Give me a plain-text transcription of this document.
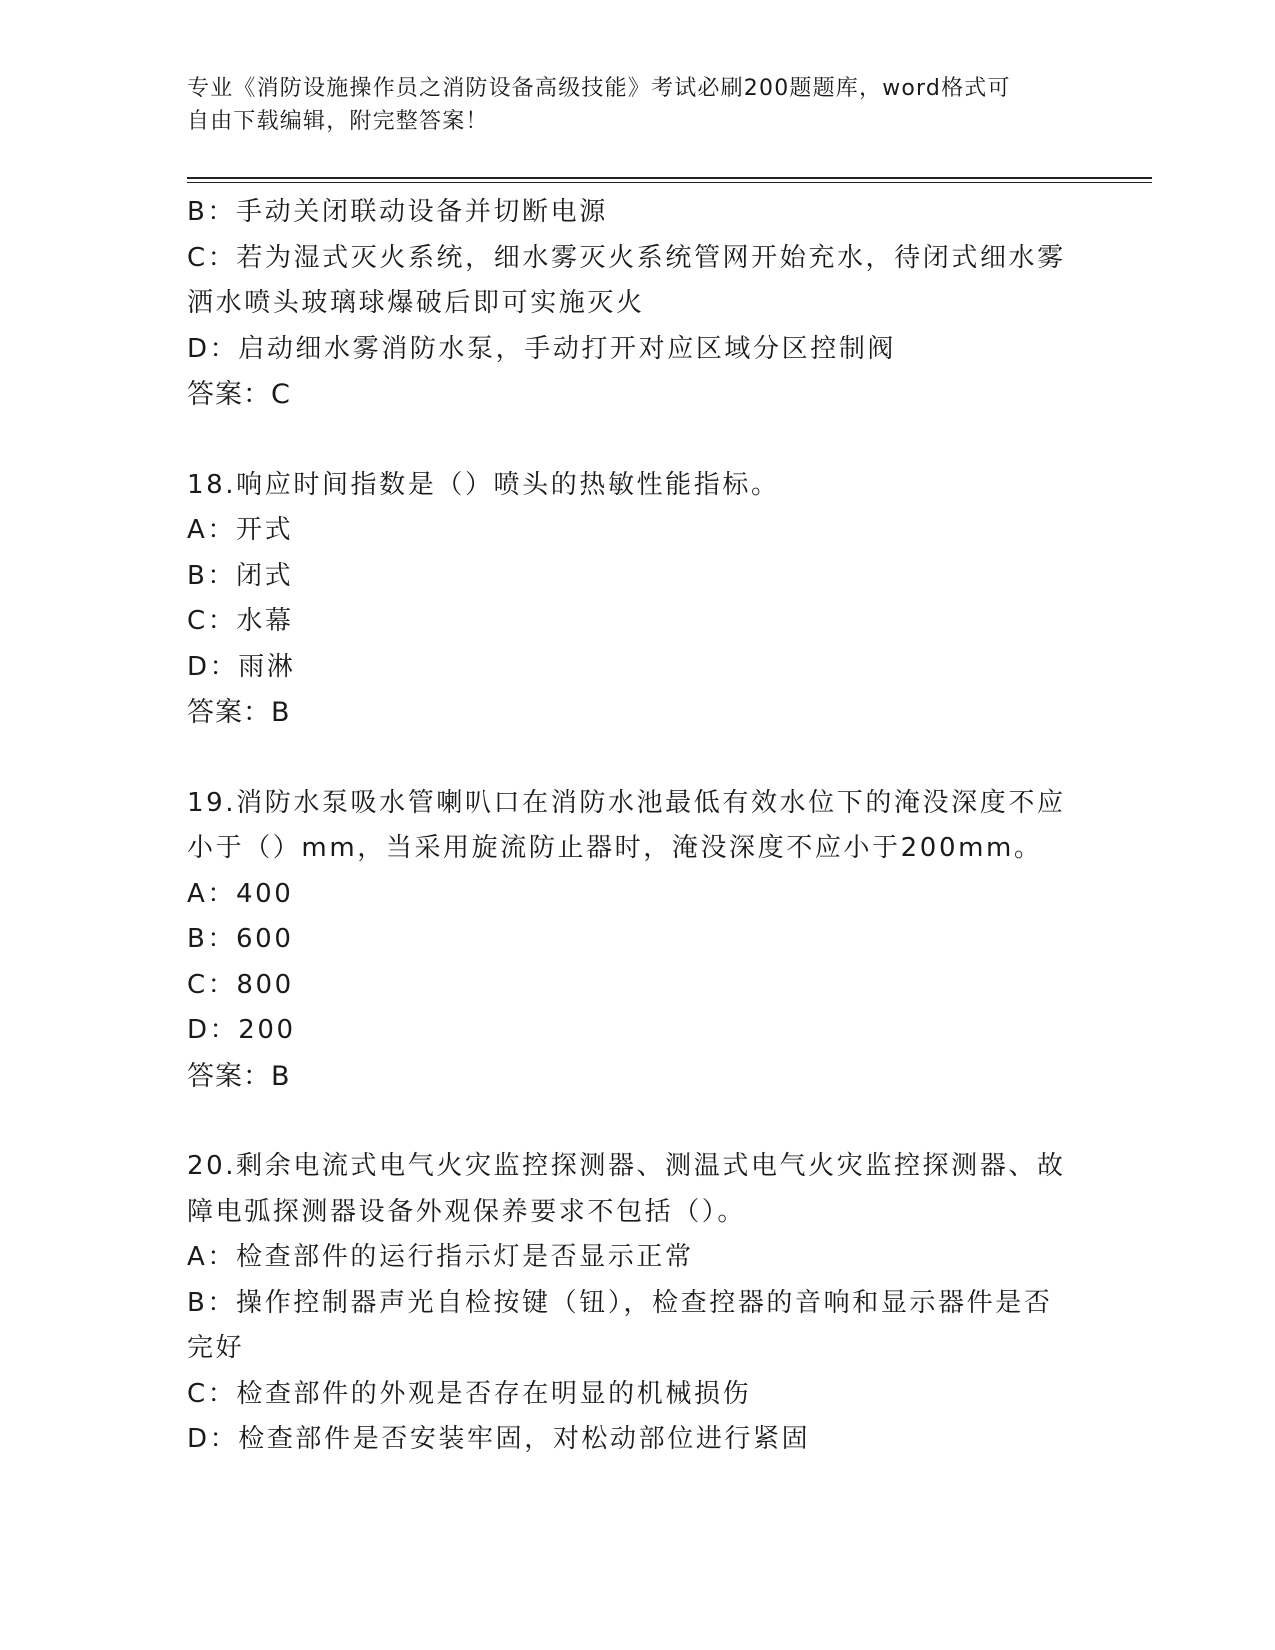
专业《消防设施操作员之消防设备高级技能》考试必刷200题题库，word格式可
自由下载编辑，附完整答案！
B：手动关闭联动设备并切断电源
C：若为湿式灭火系统，细水雾灭火系统管网开始充水，待闭式细水雾
洒水喷头玻璃球爆破后即可实施灭火
D：启动细水雾消防水泵，手动打开对应区域分区控制阀
答案：C
18.响应时间指数是（）喷头的热敏性能指标。
A：开式
B：闭式
C：水幕
D：雨淋
答案：B
19.消防水泵吸水管喇叭口在消防水池最低有效水位下的淹没深度不应
小于（）mm，当采用旋流防止器时，淹没深度不应小于200mm。
A：400
B：600
C：800
D：200
答案：B
20.剩余电流式电气火灾监控探测器、测温式电气火灾监控探测器、故
障电弧探测器设备外观保养要求不包括（）。
A：检查部件的运行指示灯是否显示正常
B：操作控制器声光自检按键（钮），检查控器的音响和显示器件是否
完好
C：检查部件的外观是否存在明显的机械损伤
D：检查部件是否安装牢固，对松动部位进行紧固
